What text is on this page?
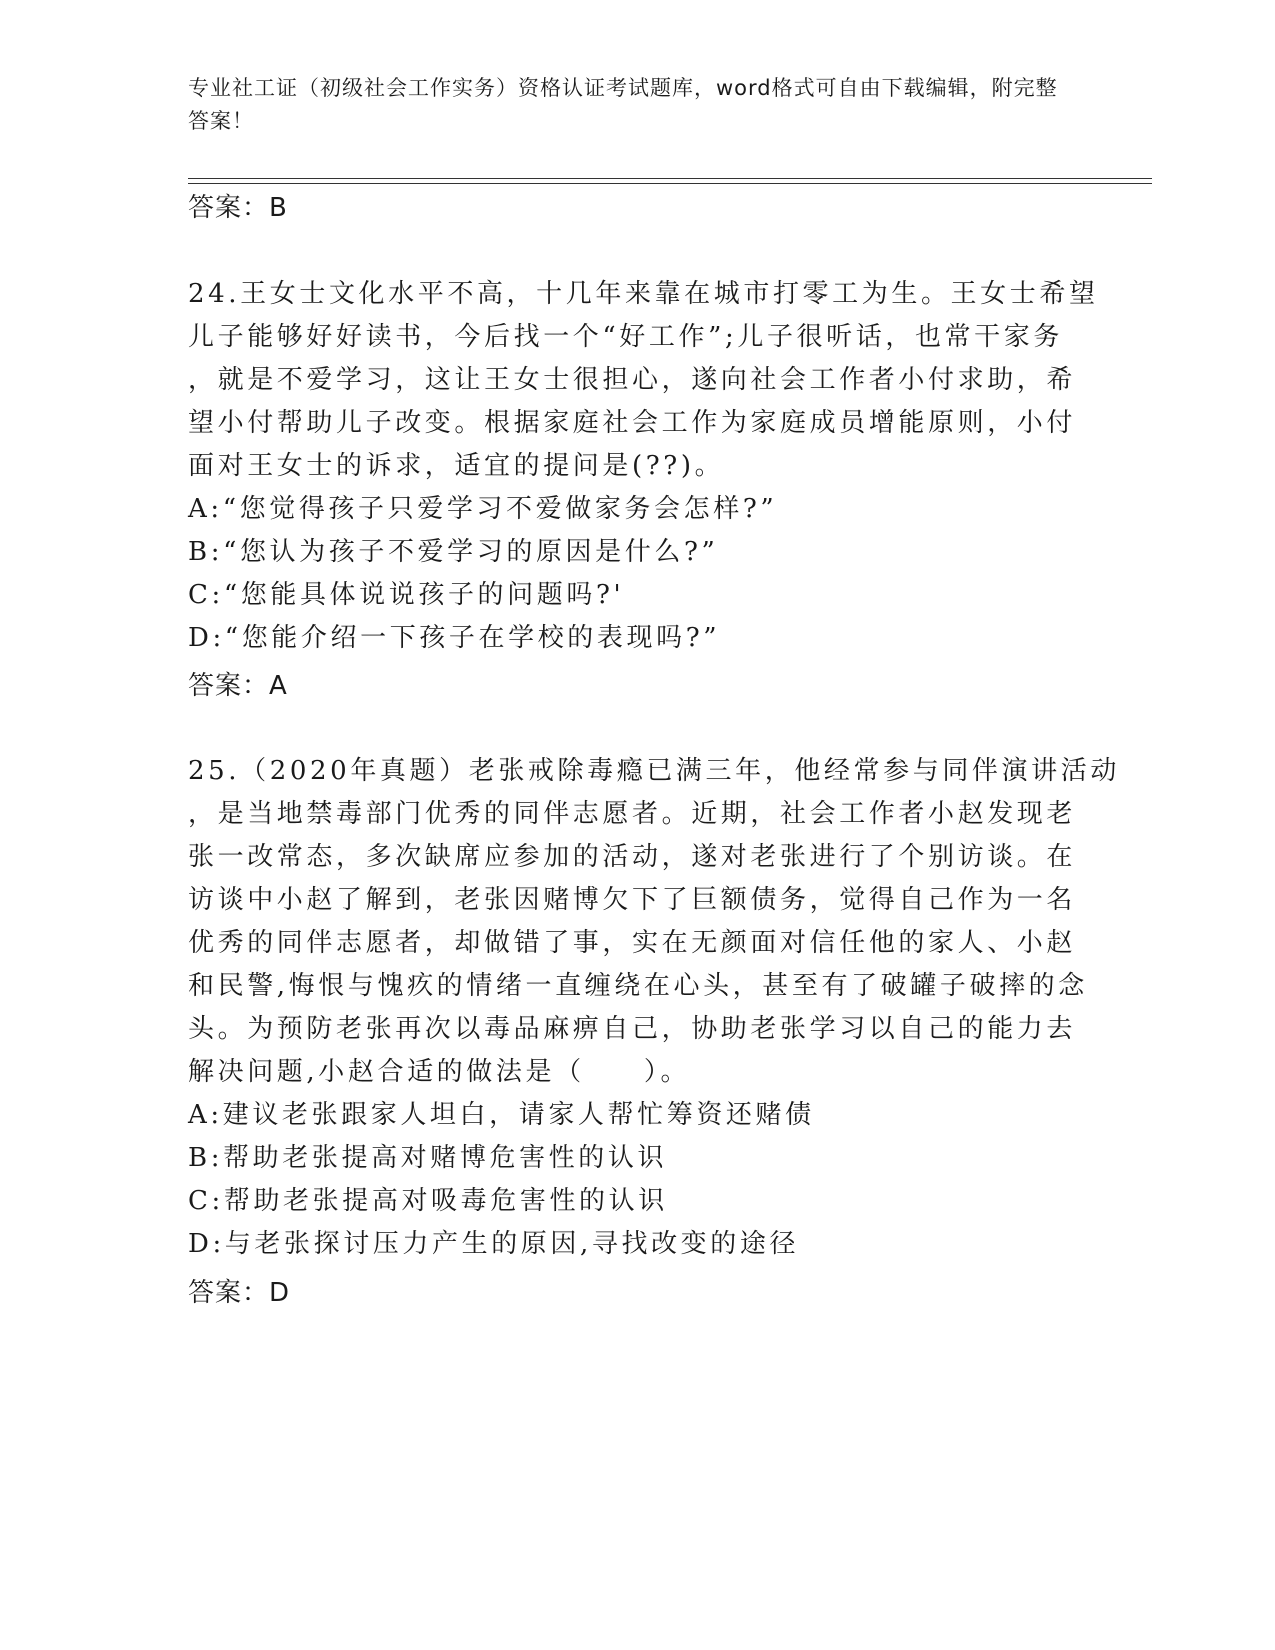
专业社工证（初级社会工作实务）资格认证考试题库，word格式可自由下载编辑，附完整答案！
答案：B
24.王女士文化水平不高，十几年来靠在城市打零工为生。王女士希望
儿子能够好好读书，今后找一个“好工作”;儿子很听话，也常干家务
，就是不爱学习，这让王女士很担心，遂向社会工作者小付求助，希
望小付帮助儿子改变。根据家庭社会工作为家庭成员增能原则，小付
面对王女士的诉求，适宜的提问是(??)。
A:“您觉得孩子只爱学习不爱做家务会怎样?”
B:“您认为孩子不爱学习的原因是什么?”
C:“您能具体说说孩子的问题吗?'
D:“您能介绍一下孩子在学校的表现吗?”
答案：A
25.（2020年真题）老张戒除毒瘾已满三年，他经常参与同伴演讲活动
，是当地禁毒部门优秀的同伴志愿者。近期，社会工作者小赵发现老
张一改常态，多次缺席应参加的活动，遂对老张进行了个别访谈。在
访谈中小赵了解到，老张因赌博欠下了巨额债务，觉得自己作为一名
优秀的同伴志愿者，却做错了事，实在无颜面对信任他的家人、小赵
和民警,悔恨与愧疚的情绪一直缠绕在心头，甚至有了破罐子破摔的念
头。为预防老张再次以毒品麻痹自己，协助老张学习以自己的能力去
解决问题,小赵合适的做法是（　　）。
A:建议老张跟家人坦白，请家人帮忙筹资还赌债
B:帮助老张提高对赌博危害性的认识
C:帮助老张提高对吸毒危害性的认识
D:与老张探讨压力产生的原因,寻找改变的途径
答案：D
